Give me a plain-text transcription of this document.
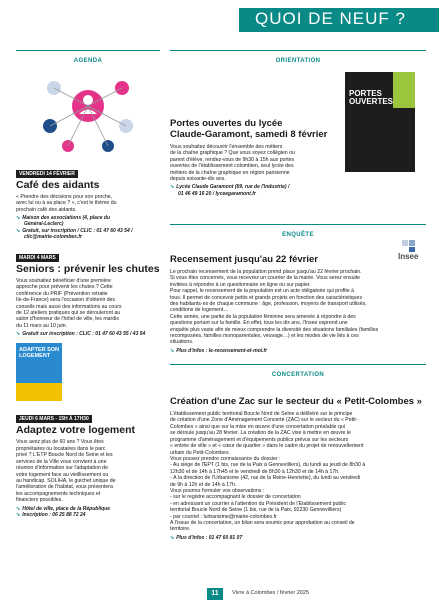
QUOI DE NEUF ?
AGENDA
VENDREDI 14 FÉVRIER
Café des aidants
« Prendre des décisions pour son proche,
avec lui ou à sa place ? », c'est le thème du
prochain café des aidants.
➘ Maison des associations (4, place du
Général-Leclerc)
➘ Gratuit, sur inscription / CLIC : 01 47 60 43 54 /
clic@mairie-colombes.fr
MARDI 4 MARS
Seniors : prévenir les chutes
Vous souhaitez bénéficier d'une première
approche pour prévenir les chutes ? Cette
conférence du PRIF (Prévention retraite
Île-de-France) sera l'occasion d'obtenir des
conseils mais aussi des informations au cours
de 12 ateliers pratiques qui se dérouleront au
salon d'honneur de l'hôtel de ville, les mardis
du 11 mars au 10 juin.
➘ Gratuit sur inscription : CLIC : 01 47 60 43 55 / 43 54
ADAPTER SON LOGEMENT
JEUDI 6 MARS - 15H À 17H30
Adaptez votre logement
Vous avez plus de 60 ans ? Vous êtes
propriétaires ou locataires dans le parc
privé ? L'ETP Boucle Nord de Seine et les
services de la Ville vous convient à une
réunion d'information sur l'adaptation de
votre logement face au vieillissement ou
au handicap. SOLIHA, le guichet unique de
l'amélioration de l'habitat, vous présentera
les accompagnements techniques et
financiers possibles.
➘ Hôtel de ville, place de la République
➘ Inscription : 06 25 88 72 24
ORIENTATION
Portes ouvertes du lycée
Claude-Garamont, samedi 8 février
Vous souhaitez découvrir l'ensemble des métiers
de la chaîne graphique ? Que vous soyez collégien ou
parent d'élève, rendez-vous de 9h30 à 15h aux portes
ouvertes de l'établissement colombien, seul lycée des
métiers de la chaîne graphique en région parisienne
depuis soixante-dix ans.
➘ Lycée Claude Garamont (69, rue de l'Industrie) /
01 46 49 16 20 / lyceegaramont.fr
PORTES OUVERTES
ENQUÊTE
Insee
Recensement jusqu'au 22 février
Le prochain recensement de la population prend place jusqu'au 22 février prochain.
Si vous êtes concernés, vous recevrez un courrier de la mairie. Vous serez ensuite
invitées à répondre à un questionnaire en ligne ou sur papier.
Pour rappel, le recensement de la population est un acte obligatoire qui profite à
tous. Il permet de concevoir petits et grands projets en fonction des caractéristiques
des habitants·es de chaque commune : âge, profession, moyens de transport utilisés,
conditions de logement…
Cette année, une partie de la population féminine sera amenée à répondre à des
questions portant sur la famille. En effet, tous les dix ans, l'Insee esprend une
enquête plus vaste afin de mieux comprendre la diversité des situations familiales (familles
recomposées, familles monoparentales, veuvage…) et les modes de vie liés à ces
situations.
➘ Plus d'infos : le-recensement-et-moi.fr
CONCERTATION
Création d'une Zac sur le secteur du « Petit-Colombes »
L'établissement public territorial Boucle Nord de Seine a délibéré sur le principe
de création d'une Zone d'Aménagement Concerté (ZAC) sur le secteur du « Petit-
Colombes » ainsi que sur la mise en œuvre d'une concertation préalable qui
se déroule jusqu'au 28 février. La création de la ZAC vise à mettre en œuvre le
programme d'aménagement et d'équipements publics prévus sur les secteurs
« entrée de ville » et « cœur de quartier » dans le cadre du projet de renouvellement
urbain du Petit-Colombes.
Vous pouvez prendre connaissance du dossier :
- Au siège de l'EPT (1 bis, rue de la Paix à Gennevilliers), du lundi au jeudi de 8h30 à
12h30 et de 14h à 17h45 et le vendredi de 8h30 à 12h30 et de 14h à 17h.
- À la direction de l'Urbanisme (42, rue de la Reine-Henriette), du lundi au vendredi
de 9h à 12h et de 14h à 17h.
Vous pourrez formuler vos observations :
- sur le registre accompagnant le dossier de concertation
- en adressant un courrier à l'attention du Président de l'Établissement public
territorial Boucle Nord de Seine (1 bis, rue de la Paix, 92230 Gennevilliers)
- par courriel : lurbanisme@mairie-colombes.fr
À l'issue de la concertation, un bilan sera soumis pour approbation au conseil de
territoire.
➘ Plus d'infos : 01 47 60 81 07
11	Vivre à Colombes / février 2025
